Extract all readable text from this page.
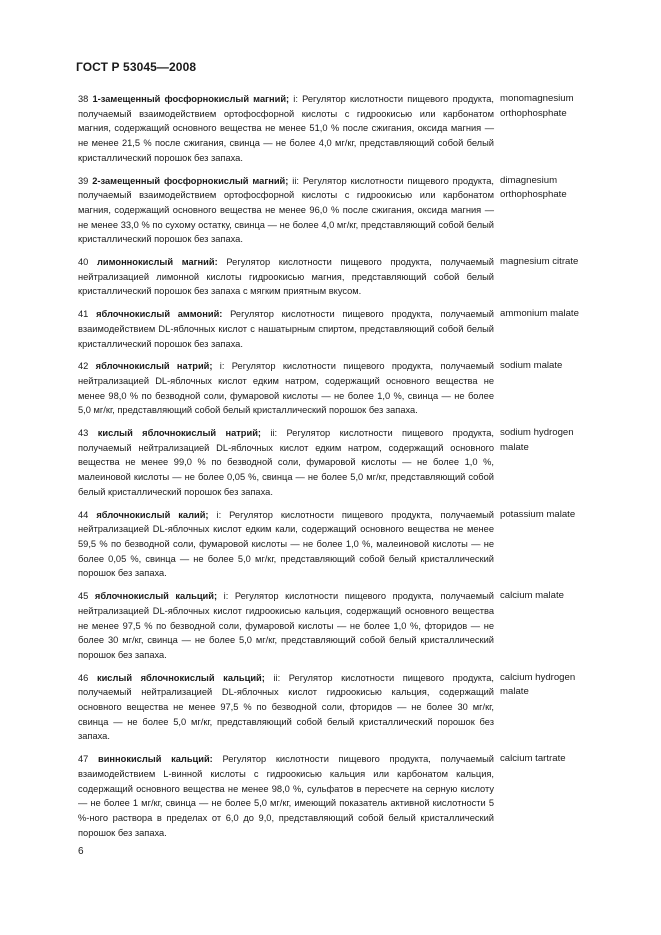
ГОСТ Р 53045—2008
38 1-замещенный фосфорнокислый магний; i: Регулятор кислотности пищевого продукта, получаемый взаимодействием ортофосфорной кислоты с гидроокисью или карбонатом магния, содержащий основного вещества не менее 51,0 % после сжигания, оксида магния — не менее 21,5 % после сжигания, свинца — не более 4,0 мг/кг, представляющий собой белый кристаллический порошок без запаха.
monomagnesium
orthophosphate
39 2-замещенный фосфорнокислый магний; ii: Регулятор кислотности пищевого продукта, получаемый взаимодействием ортофосфорной кислоты с гидроокисью или карбонатом магния, содержащий основного вещества не менее 96,0 % после сжигания, оксида магния — не менее 33,0 % по сухому остатку, свинца — не более 4,0 мг/кг, представляющий собой белый кристаллический порошок без запаха.
dimagnesium
orthophosphate
40 лимоннокислый магний: Регулятор кислотности пищевого продукта, получаемый нейтрализацией лимонной кислоты гидроокисью магния, представляющий собой белый кристаллический порошок без запаха с мягким приятным вкусом.
magnesium citrate
41 яблочнокислый аммоний: Регулятор кислотности пищевого продукта, получаемый взаимодействием DL-яблочных кислот с нашатырным спиртом, представляющий собой белый кристаллический порошок без запаха.
ammonium malate
42 яблочнокислый натрий; i: Регулятор кислотности пищевого продукта, получаемый нейтрализацией DL-яблочных кислот едким натром, содержащий основного вещества не менее 98,0 % по безводной соли, фумаровой кислоты — не более 1,0 %, свинца — не более 5,0 мг/кг, представляющий собой белый кристаллический порошок без запаха.
sodium malate
43 кислый яблочнокислый натрий; ii: Регулятор кислотности пищевого продукта, получаемый нейтрализацией DL-яблочных кислот едким натром, содержащий основного вещества не менее 99,0 % по безводной соли, фумаровой кислоты — не более 1,0 %, малеиновой кислоты — не более 0,05 %, свинца — не более 5,0 мг/кг, представляющий собой белый кристаллический порошок без запаха.
sodium hydrogen
malate
44 яблочнокислый калий; i: Регулятор кислотности пищевого продукта, получаемый нейтрализацией DL-яблочных кислот едким кали, содержащий основного вещества не менее 59,5 % по безводной соли, фумаровой кислоты — не более 1,0 %, малеиновой кислоты — не более 0,05 %, свинца — не более 5,0 мг/кг, представляющий собой белый кристаллический порошок без запаха.
potassium malate
45 яблочнокислый кальций; i: Регулятор кислотности пищевого продукта, получаемый нейтрализацией DL-яблочных кислот гидроокисью кальция, содержащий основного вещества не менее 97,5 % по безводной соли, фумаровой кислоты — не более 1,0 %, фторидов — не более 30 мг/кг, свинца — не более 5,0 мг/кг, представляющий собой белый кристаллический порошок без запаха.
calcium malate
46 кислый яблочнокислый кальций; ii: Регулятор кислотности пищевого продукта, получаемый нейтрализацией DL-яблочных кислот гидроокисью кальция, содержащий основного вещества не менее 97,5 % по безводной соли, фторидов — не более 30 мг/кг, свинца — не более 5,0 мг/кг, представляющий собой белый кристаллический порошок без запаха.
calcium hydrogen
malate
47 виннокислый кальций: Регулятор кислотности пищевого продукта, получаемый взаимодействием L-винной кислоты с гидроокисью кальция или карбонатом кальция, содержащий основного вещества не менее 98,0 %, сульфатов в пересчете на серную кислоту — не более 1 мг/кг, свинца — не более 5,0 мг/кг, имеющий показатель активной кислотности 5 %-ного раствора в пределах от 6,0 до 9,0, представляющий собой белый кристаллический порошок без запаха.
calcium tartrate
6
